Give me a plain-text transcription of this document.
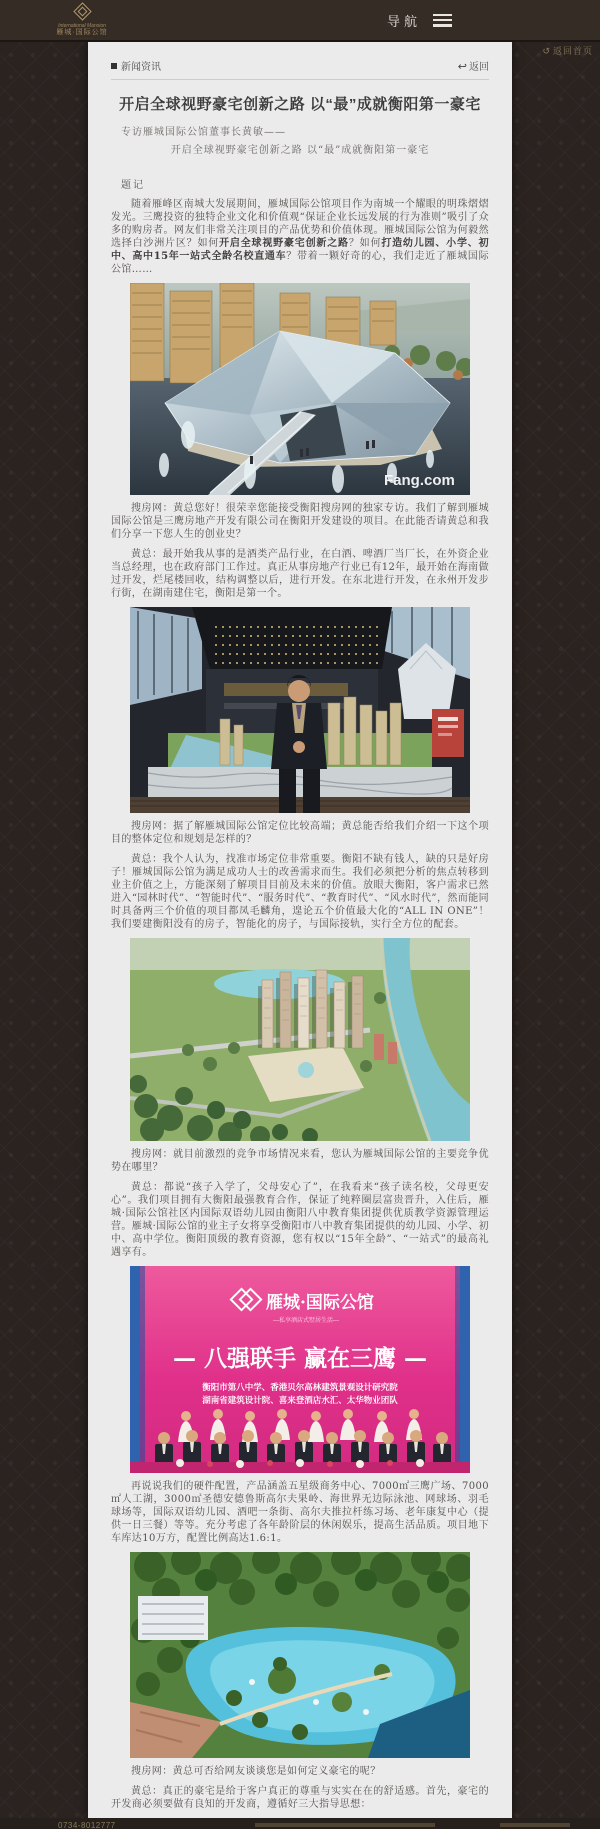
International Mansion
雁城·国际公馆
··········
导航
↺ 返回首页
新闻资讯	↩ 返回
开启全球视野豪宅创新之路 以“最”成就衡阳第一豪宅
专访雁城国际公馆董事长黄敏——
开启全球视野豪宅创新之路 以“最”成就衡阳第一豪宅
题记

随着雁峰区南城大发展期间，雁城国际公馆项目作为南城一个耀眼的明珠熠熠发光。三鹰投资的独特企业文化和价值观“保证企业长远发展的行为准则”吸引了众多的购房者。网友们非常关注项目的产品优势和价值体现。雁城国际公馆为何毅然选择白沙洲片区？如何开启全球视野豪宅创新之路？如何打造幼儿园、小学、初中、高中15年一站式全龄名校直通车？带着一颗好奇的心，我们走近了雁城国际公馆……

Fang.com

搜房网：黄总您好！很荣幸您能接受衡阳搜房网的独家专访。我们了解到雁城国际公馆是三鹰房地产开发有限公司在衡阳开发建设的项目。在此能否请黄总和我们分享一下您人生的创业史？

黄总：最开始我从事的是酒类产品行业，在白酒、啤酒厂当厂长，在外资企业当总经理，也在政府部门工作过。真正从事房地产行业已有12年，最开始在海南做过开发，烂尾楼回收，结构调整以后，进行开发。在东北进行开发，在永州开发步行街，在湖南建住宅，衡阳是第一个。

搜房网：据了解雁城国际公馆定位比较高端；黄总能否给我们介绍一下这个项目的整体定位和规划是怎样的？

黄总：我个人认为，找准市场定位非常重要。衡阳不缺有钱人，缺的只是好房子！雁城国际公馆为满足成功人士的改善需求而生。我们必须把分析的焦点转移到业主价值之上，方能深刻了解项目目前及未来的价值。放眼大衡阳，客户需求已然进入“园林时代”、“智能时代”、“服务时代”、“教育时代”、“风水时代”，然而能同时具备两三个价值的项目都凤毛麟角，遑论五个价值最大化的“ALL IN ONE”！我们要建衡阳没有的房子，智能化的房子，与国际接轨，实行全方位的配套。

搜房网：就目前激烈的竞争市场情况来看，您认为雁城国际公馆的主要竞争优势在哪里？

黄总：都说“孩子入学了，父母安心了”，在我看来“孩子读名校，父母更安心”。我们项目拥有大衡阳最强教育合作，保证了纯粹圈层富贵晋升，入住后，雁城·国际公馆社区内国际双语幼儿园由衡阳八中教育集团提供优质教学资源管理运营。雁城·国际公馆的业主子女将享受衡阳市八中教育集团提供的幼儿园、小学、初中、高中学位。衡阳顶级的教育资源，您有权以“15年全龄”、“一站式”的最高礼遇享有。

雁城·国际公馆
—私享酒店式墅居生活—
— 八强联手 赢在三鹰 —
衡阳市第八中学、香港贝尔高林建筑景观设计研究院
湖南省建筑设计院、喜来登酒店水汇、太华物业团队

再说说我们的硬件配置，产品涵盖五星级商务中心、7000㎡三鹰广场、7000㎡人工湖，3000㎡圣德安德鲁斯高尔夫果岭、海世界无边际泳池、网球场、羽毛球场等，国际双语幼儿园、酒吧一条街、高尔夫推拉杆练习场、老年康复中心（提供一日三餐）等等。充分考虑了各年龄阶层的休闲娱乐，提高生活品质。项目地下车库达10万方，配置比例高达1.6:1。

搜房网：黄总可否给网友谈谈您是如何定义豪宅的呢？

黄总：真正的豪宅是给于客户真正的尊重与实实在在的舒适感。首先，豪宅的开发商必须要做有良知的开发商，遵循好三大指导思想：

0734-8012777
